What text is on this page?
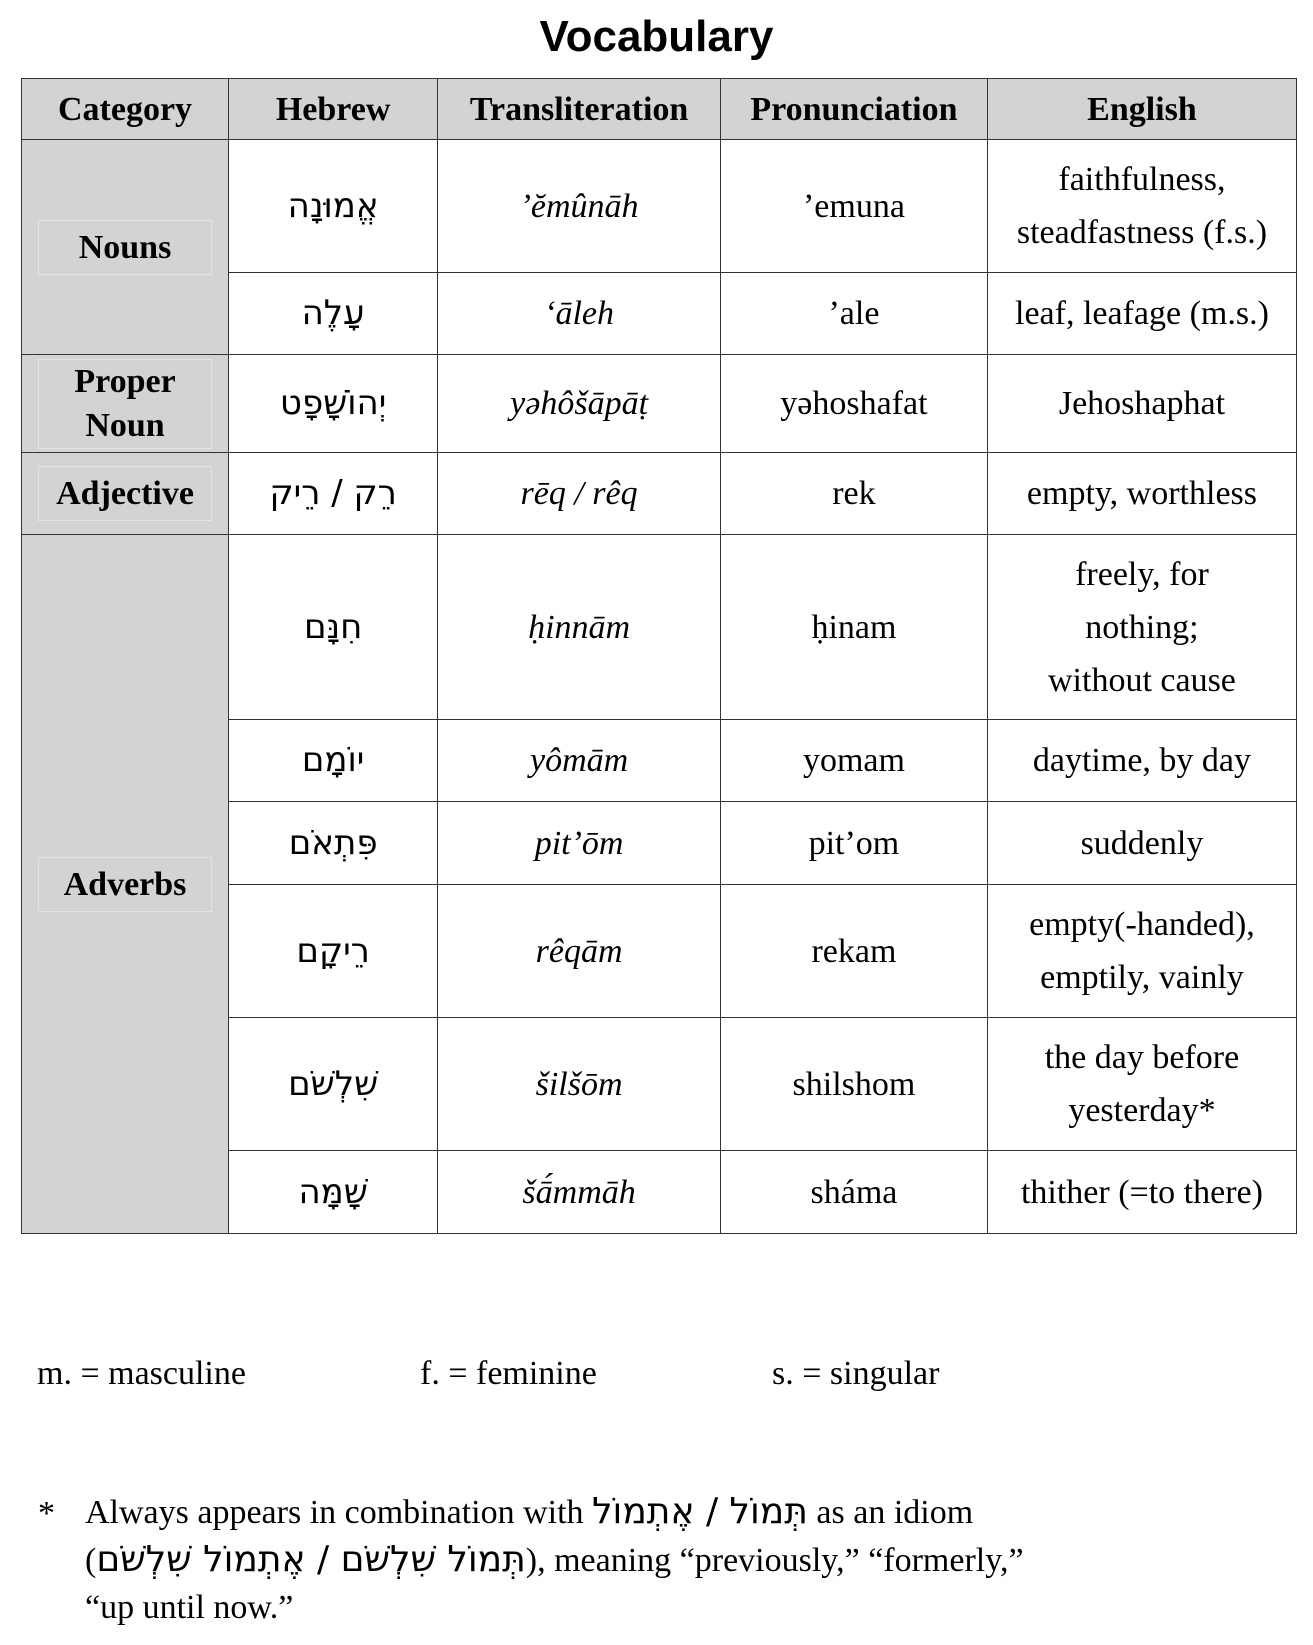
Vocabulary
Category	Hebrew	Transliteration	Pronunciation	English

Nouns	אֱמוּנָה	ʼĕmûnāh	ʼemuna	faithfulness,
steadfastness (f.s.)

	עָלֶה	ʻāleh	ʼale	leaf, leafage (m.s.)

Proper
Noun	יְהוֹשָׁפָט	yəhôšāpāṭ	yəhoshafat	Jehoshaphat

Adjective	רֵק / רֵיק	rēq / rêq	rek	empty, worthless

Adverbs	חִנָּם	ḥinnām	ḥinam	freely, for
nothing;
without cause

	יוֹמָם	yômām	yomam	daytime, by day
	פִּתְאֹם	pitʼōm	pitʼom	suddenly
	רֵיקָם	rêqām	rekam	empty(-handed),
emptily, vainly

	שִׁלְשֹׁם	šilšōm	shilshom	the day before
yesterday*

	שָׁמָּה	šā́mmāh	sháma	thither (=to there)
m. = masculine	f. = feminine	s. = singular
* Always appears in combination with תְּמוֹל / אֶתְמוֹל as an idiom
(תְּמוֹל שִׁלְשֹׁם / אֶתְמוֹל שִׁלְשֹׁם), meaning “previously,” “formerly,”
“up until now.”
